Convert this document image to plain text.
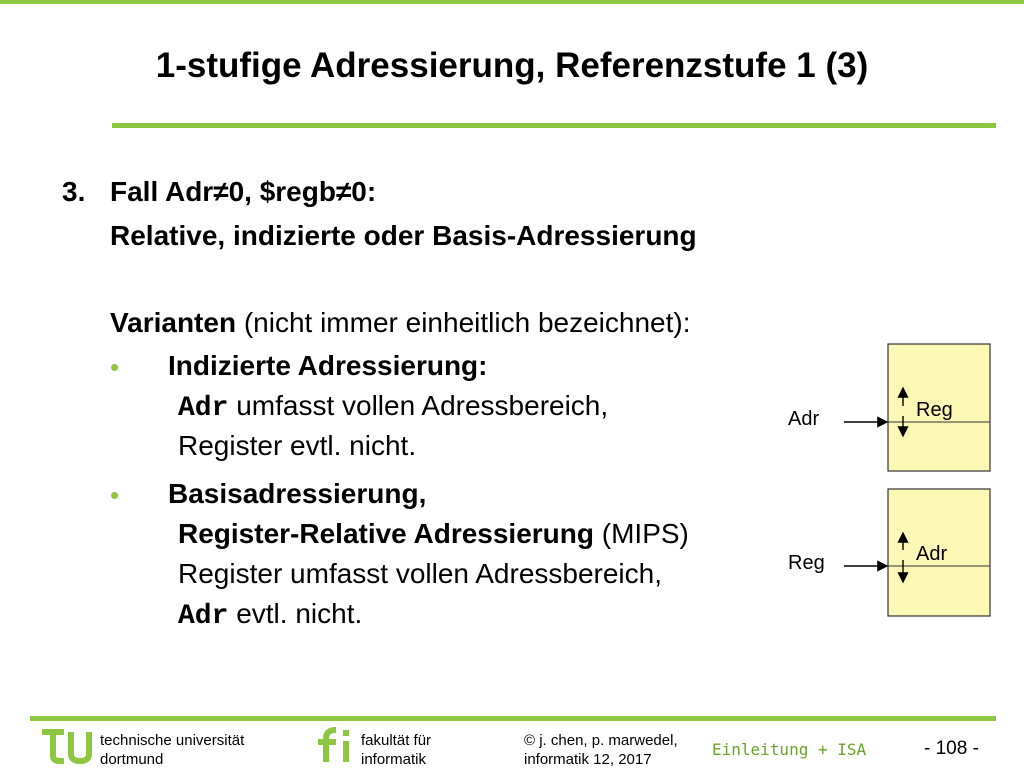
1-stufige Adressierung, Referenzstufe 1 (3)
3. Fall Adr≠0, $regb≠0:
Relative, indizierte oder Basis-Adressierung
Varianten (nicht immer einheitlich bezeichnet):
• Indizierte Adressierung:
Adr umfasst vollen Adressbereich,
Register evtl. nicht.
• Basisadressierung,
Register-Relative Adressierung (MIPS)
Register umfasst vollen Adressbereich,
Adr evtl. nicht.
Adr	Reg
Reg	Adr
technische universität
dortmund
fakultät für
informatik
© j. chen, p. marwedel,
informatik 12, 2017
Einleitung + ISA	- 108 -
